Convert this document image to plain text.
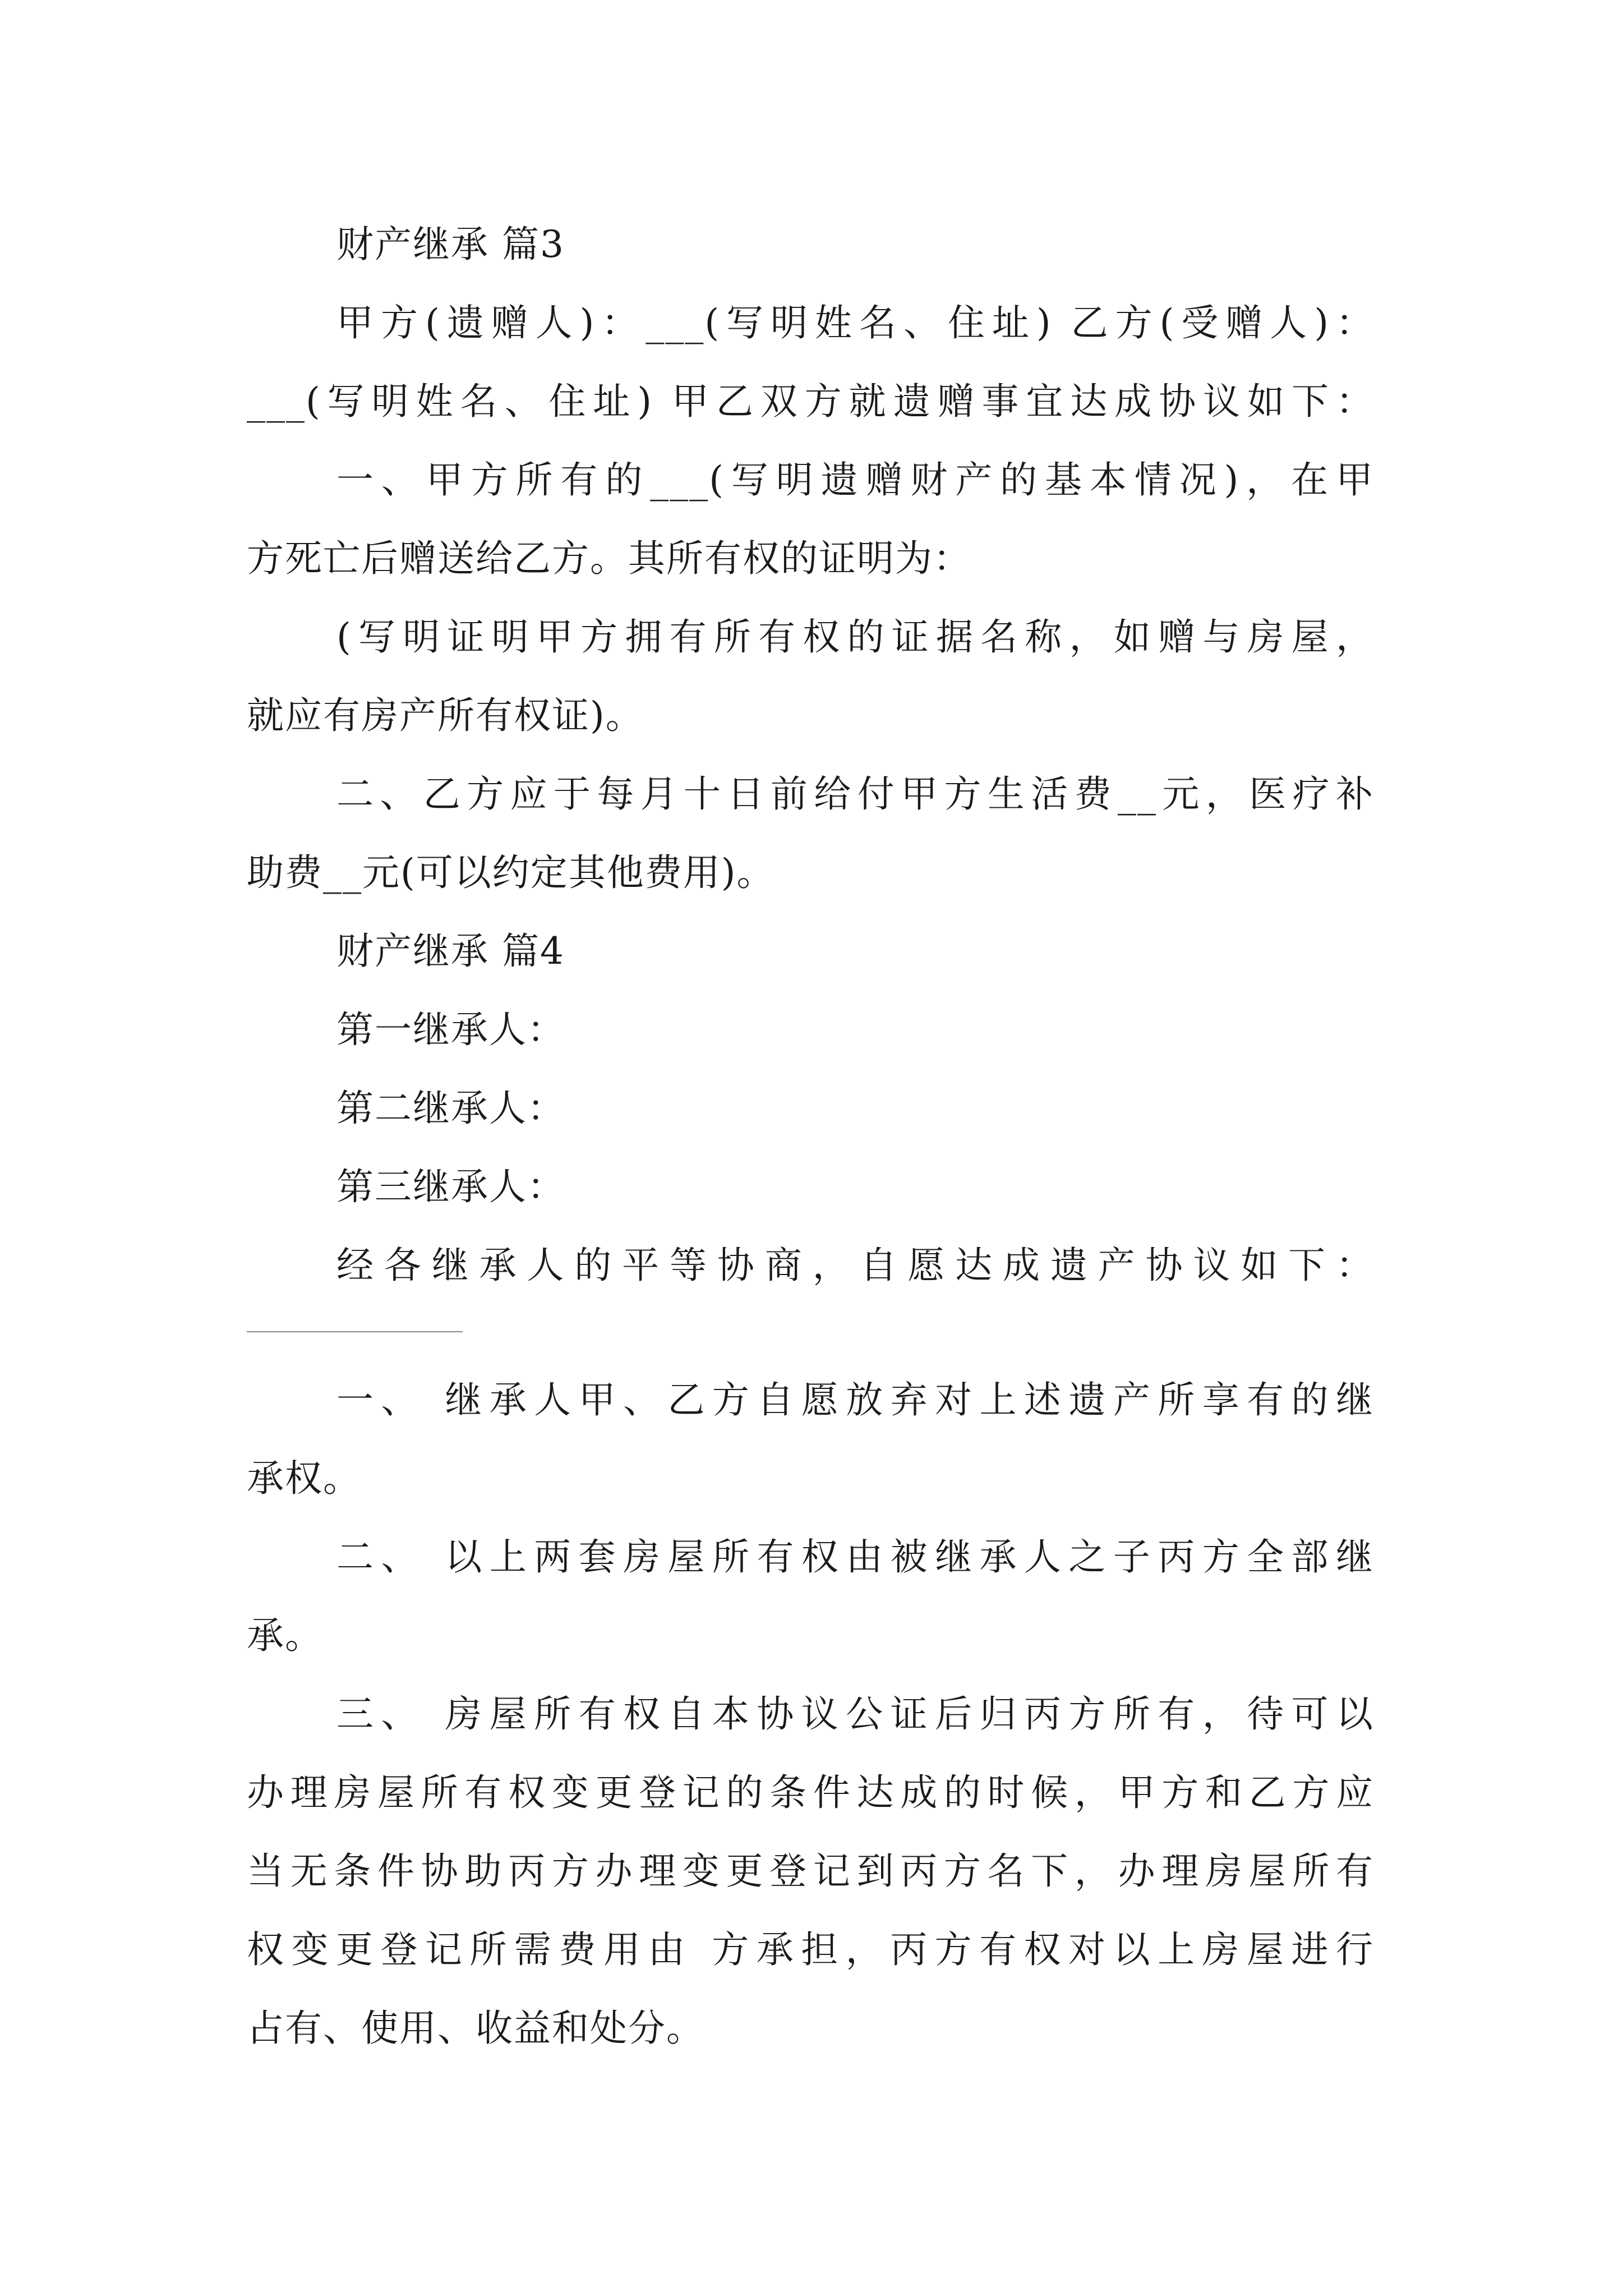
财产继承 篇3
甲方(遗赠人)：___(写明姓名、住址) 乙方(受赠人)：
___(写明姓名、住址) 甲乙双方就遗赠事宜达成协议如下：
一、甲方所有的___(写明遗赠财产的基本情况)，在甲
方死亡后赠送给乙方。其所有权的证明为：
(写明证明甲方拥有所有权的证据名称，如赠与房屋，
就应有房产所有权证)。
二、乙方应于每月十日前给付甲方生活费__元，医疗补
助费__元(可以约定其他费用)。
财产继承 篇4
第一继承人：
第二继承人：
第三继承人：
经各继承人的平等协商，自愿达成遗产协议如下：
一、 继承人甲、乙方自愿放弃对上述遗产所享有的继
承权。
二、 以上两套房屋所有权由被继承人之子丙方全部继
承。
三、 房屋所有权自本协议公证后归丙方所有，待可以
办理房屋所有权变更登记的条件达成的时候，甲方和乙方应
当无条件协助丙方办理变更登记到丙方名下，办理房屋所有
权变更登记所需费用由 方承担，丙方有权对以上房屋进行
占有、使用、收益和处分。
